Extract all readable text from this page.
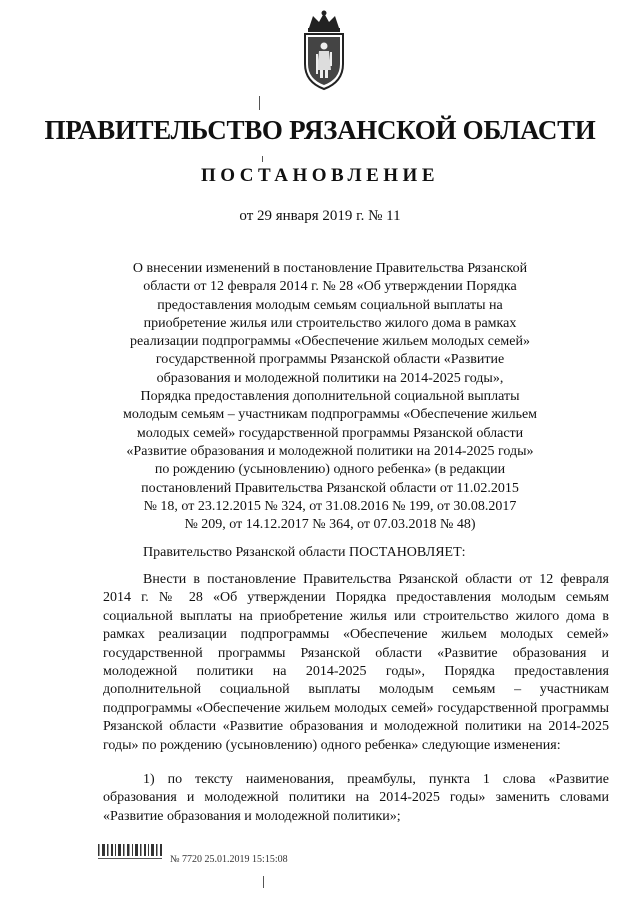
ПРАВИТЕЛЬСТВО РЯЗАНСКОЙ ОБЛАСТИ
ПОСТАНОВЛЕНИЕ
от 29 января 2019 г. № 11
О внесении изменений в постановление Правительства Рязанской
области от 12 февраля 2014 г. № 28 «Об утверждении Порядка
предоставления молодым семьям социальной выплаты на
приобретение жилья или строительство жилого дома в рамках
реализации подпрограммы «Обеспечение жильем молодых семей»
государственной программы Рязанской области «Развитие
образования и молодежной политики на 2014-2025 годы»,
Порядка предоставления дополнительной социальной выплаты
молодым семьям – участникам подпрограммы «Обеспечение жильем
молодых семей» государственной программы Рязанской области
«Развитие образования и молодежной политики на 2014-2025 годы»
по рождению (усыновлению) одного ребенка» (в редакции
постановлений Правительства Рязанской области от 11.02.2015
№ 18, от 23.12.2015 № 324, от 31.08.2016 № 199, от 30.08.2017
№ 209, от 14.12.2017 № 364, от 07.03.2018 № 48)
Правительство Рязанской области ПОСТАНОВЛЯЕТ:
Внести в постановление Правительства Рязанской области от 12 февраля 2014 г. № 28 «Об утверждении Порядка предоставления молодым семьям социальной выплаты на приобретение жилья или строительство жилого дома в рамках реализации подпрограммы «Обеспечение жильем молодых семей» государственной программы Рязанской области «Развитие образования и молодежной политики на 2014-2025 годы», Порядка предоставления дополнительной социальной выплаты молодым семьям – участникам подпрограммы «Обеспечение жильем молодых семей» государственной программы Рязанской области «Развитие образования и молодежной политики на 2014-2025 годы» по рождению (усыновлению) одного ребенка» следующие изменения:
1) по тексту наименования, преамбулы, пункта 1 слова «Развитие образования и молодежной политики на 2014-2025 годы» заменить словами «Развитие образования и молодежной политики»;
№ 7720 25.01.2019 15:15:08
